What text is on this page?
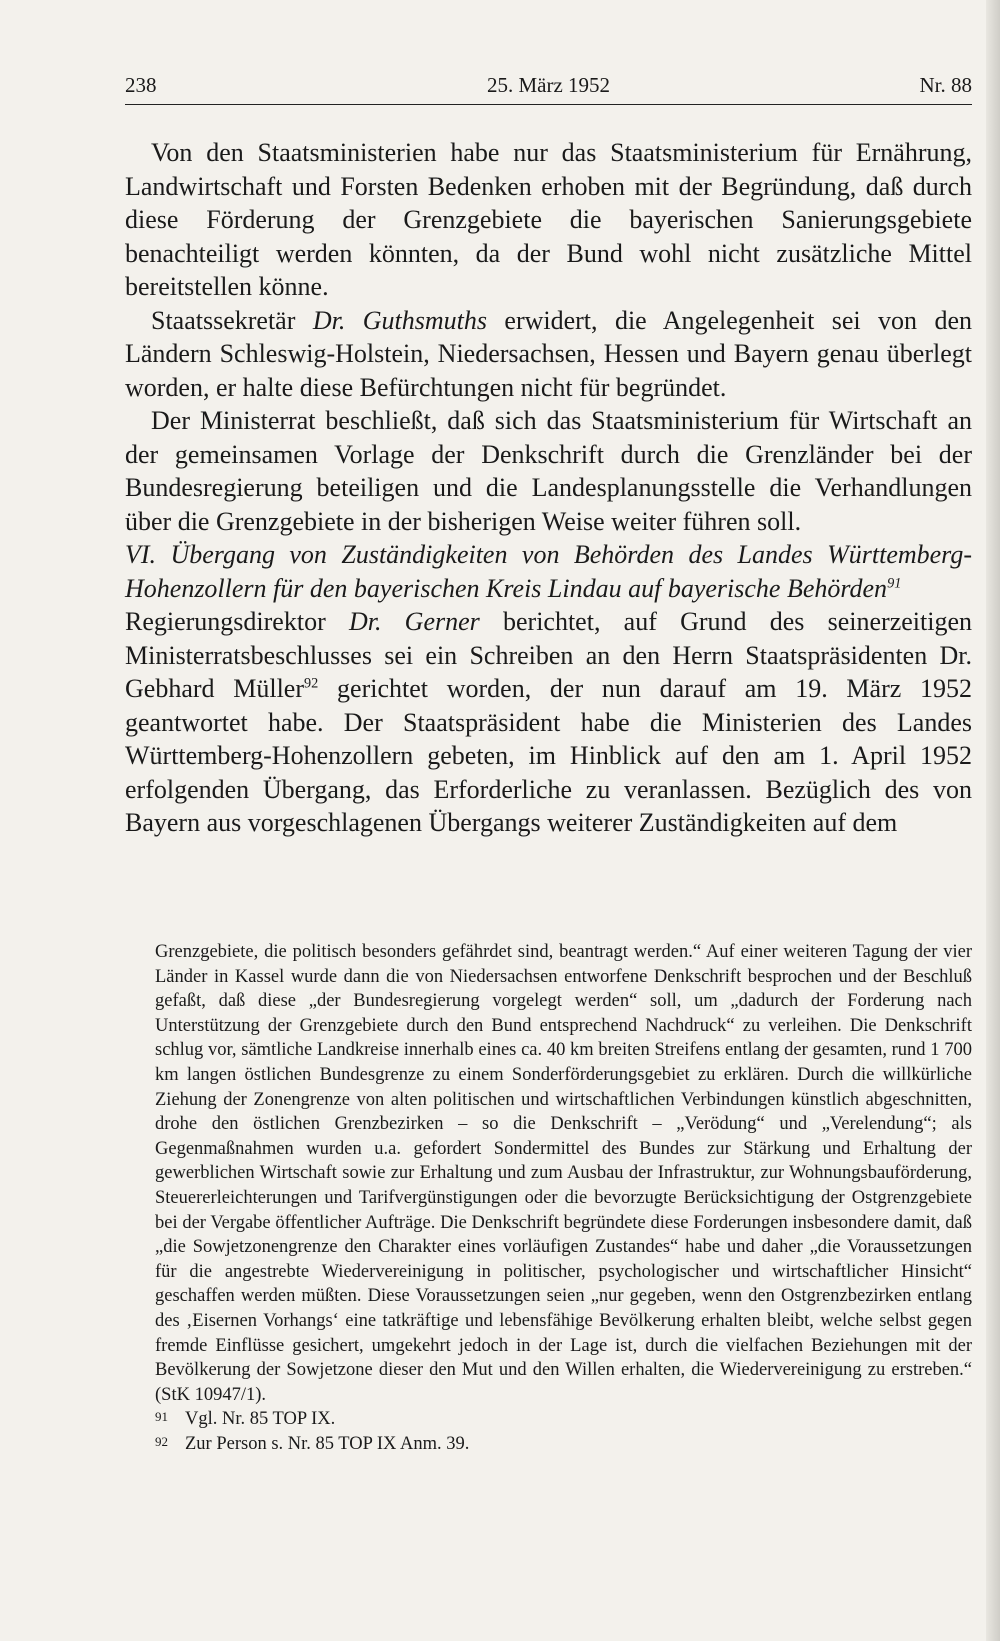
238	25. März 1952	Nr. 88

Von den Staatsministerien habe nur das Staatsministerium für Ernährung, Landwirtschaft und Forsten Bedenken erhoben mit der Begründung, daß durch diese Förderung der Grenzgebiete die bayerischen Sanierungsgebiete benachteiligt werden könnten, da der Bund wohl nicht zusätzliche Mittel bereitstellen könne.

Staatssekretär Dr. Guthsmuths erwidert, die Angelegenheit sei von den Ländern Schleswig-Holstein, Niedersachsen, Hessen und Bayern genau überlegt worden, er halte diese Befürchtungen nicht für begründet.

Der Ministerrat beschließt, daß sich das Staatsministerium für Wirtschaft an der gemeinsamen Vorlage der Denkschrift durch die Grenzländer bei der Bundesregierung beteiligen und die Landesplanungsstelle die Verhandlungen über die Grenzgebiete in der bisherigen Weise weiter führen soll.

VI. Übergang von Zuständigkeiten von Behörden des Landes Württemberg-Hohenzollern für den bayerischen Kreis Lindau auf bayerische Behörden$^{91}$

Regierungsdirektor Dr. Gerner berichtet, auf Grund des seinerzeitigen Ministerratsbeschlusses sei ein Schreiben an den Herrn Staatspräsidenten Dr. Gebhard Müller$^{92}$ gerichtet worden, der nun darauf am 19. März 1952 geantwortet habe. Der Staatspräsident habe die Ministerien des Landes Württemberg-Hohenzollern gebeten, im Hinblick auf den am 1. April 1952 erfolgenden Übergang, das Erforderliche zu veranlassen. Bezüglich des von Bayern aus vorgeschlagenen Übergangs weiterer Zuständigkeiten auf dem

Grenzgebiete, die politisch besonders gefährdet sind, beantragt werden.“ Auf einer weiteren Tagung der vier Länder in Kassel wurde dann die von Niedersachsen entworfene Denkschrift besprochen und der Beschluß gefaßt, daß diese „der Bundesregierung vorgelegt werden“ soll, um „dadurch der Forderung nach Unterstützung der Grenzgebiete durch den Bund entsprechend Nachdruck“ zu verleihen. Die Denkschrift schlug vor, sämtliche Landkreise innerhalb eines ca. 40 km breiten Streifens entlang der gesamten, rund 1 700 km langen östlichen Bundesgrenze zu einem Sonderförderungsgebiet zu erklären. Durch die willkürliche Ziehung der Zonengrenze von alten politischen und wirtschaftlichen Verbindungen künstlich abgeschnitten, drohe den östlichen Grenzbezirken – so die Denkschrift – „Verödung“ und „Verelendung“; als Gegenmaßnahmen wurden u.a. gefordert Sondermittel des Bundes zur Stärkung und Erhaltung der gewerblichen Wirtschaft sowie zur Erhaltung und zum Ausbau der Infrastruktur, zur Wohnungsbauförderung, Steuererleichterungen und Tarifvergünstigungen oder die bevorzugte Berücksichtigung der Ostgrenzgebiete bei der Vergabe öffentlicher Aufträge. Die Denkschrift begründete diese Forderungen insbesondere damit, daß „die Sowjetzonengrenze den Charakter eines vorläufigen Zustandes“ habe und daher „die Voraussetzungen für die angestrebte Wiedervereinigung in politischer, psychologischer und wirtschaftlicher Hinsicht“ geschaffen werden müßten. Diese Voraussetzungen seien „nur gegeben, wenn den Ostgrenzbezirken entlang des ‚Eisernen Vorhangs‘ eine tatkräftige und lebensfähige Bevölkerung erhalten bleibt, welche selbst gegen fremde Einflüsse gesichert, umgekehrt jedoch in der Lage ist, durch die vielfachen Beziehungen mit der Bevölkerung der Sowjetzone dieser den Mut und den Willen erhalten, die Wiedervereinigung zu erstreben.“ (StK 10947/1).

91 Vgl. Nr. 85 TOP IX.

92 Zur Person s. Nr. 85 TOP IX Anm. 39.
